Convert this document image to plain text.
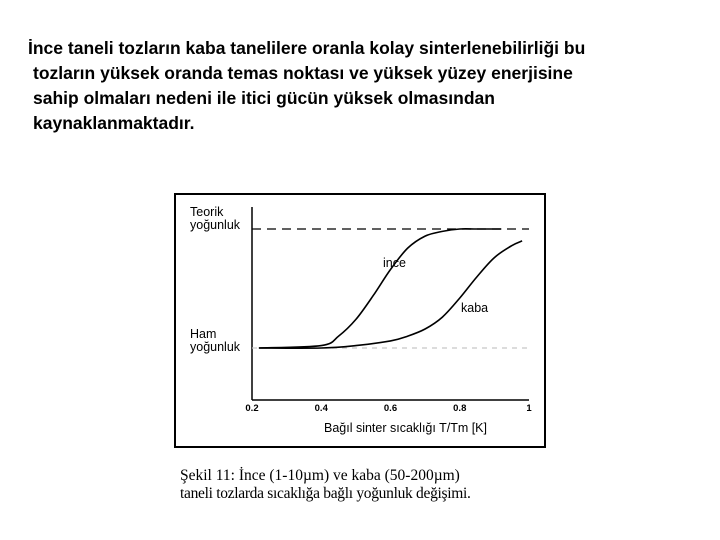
İnce taneli tozların kaba tanelilere oranla kolay sinterlenebilirliği bu
tozların yüksek oranda temas noktası ve yüksek yüzey enerjisine
sahip olmaları nedeni ile itici gücün yüksek olmasından
kaynaklanmaktadır.
Teorik
yoğunluk
Ham
yoğunluk
0.2	0.4	0.6	0.8	1
Bağıl sinter sıcaklığı T/Tm [K]
ince
kaba
Şekil 11: İnce (1-10µm) ve kaba (50-200µm)
taneli tozlarda sıcaklığa bağlı yoğunluk değişimi.
